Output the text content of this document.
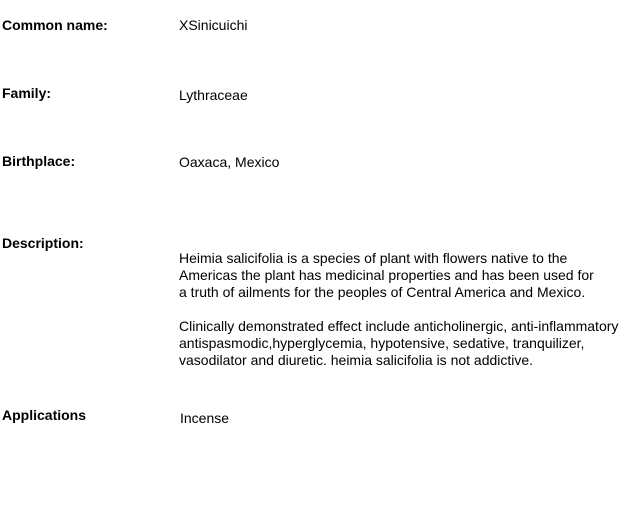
Common name:	XSinicuichi
Family:	Lythraceae
Birthplace:	Oaxaca, Mexico
Description:
Heimia salicifolia is a species of plant with flowers native to the
Americas the plant has medicinal properties and has been used for
a truth of ailments for the peoples of Central America and Mexico.
Clinically demonstrated effect include anticholinergic, anti-inflammatory
antispasmodic,hyperglycemia, hypotensive, sedative, tranquilizer,
vasodilator and diuretic. heimia salicifolia is not addictive.
Applications	Incense
